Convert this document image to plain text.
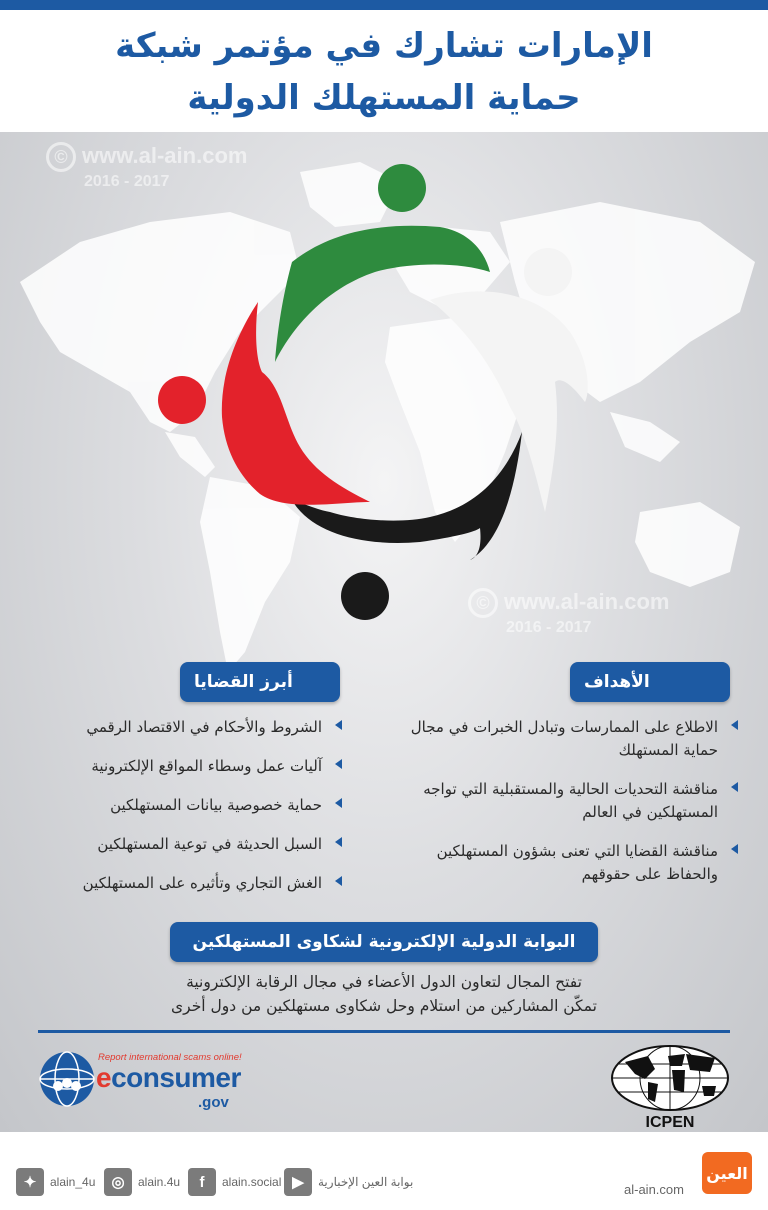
الإمارات تشارك في مؤتمر شبكة
حماية المستهلك الدولية
© www.al-ain.com
2016 - 2017
© www.al-ain.com
2016 - 2017
الأهداف
الاطلاع على الممارسات وتبادل الخبرات في مجال حماية المستهلك
مناقشة التحديات الحالية والمستقبلية التي تواجه المستهلكين في العالم
مناقشة القضايا التي تعنى بشؤون المستهلكين والحفاظ على حقوقهم
أبرز القضايا
الشروط والأحكام في الاقتصاد الرقمي
آليات عمل وسطاء المواقع الإلكترونية
حماية خصوصية بيانات المستهلكين
السبل الحديثة في توعية المستهلكين
الغش التجاري وتأثيره على المستهلكين
البوابة الدولية الإلكترونية لشكاوى المستهلكين
تفتح المجال لتعاون الدول الأعضاء في مجال الرقابة الإلكترونية
تمكّن المشاركين من استلام وحل شكاوى مستهلكين من دول أخرى
Report international scams online!
econsumer
.gov
ICPEN
✦	alain_4u	◎	alain.4u	f	alain.social ▶	بوابة العين الإخبارية	al-ain.com
العين
